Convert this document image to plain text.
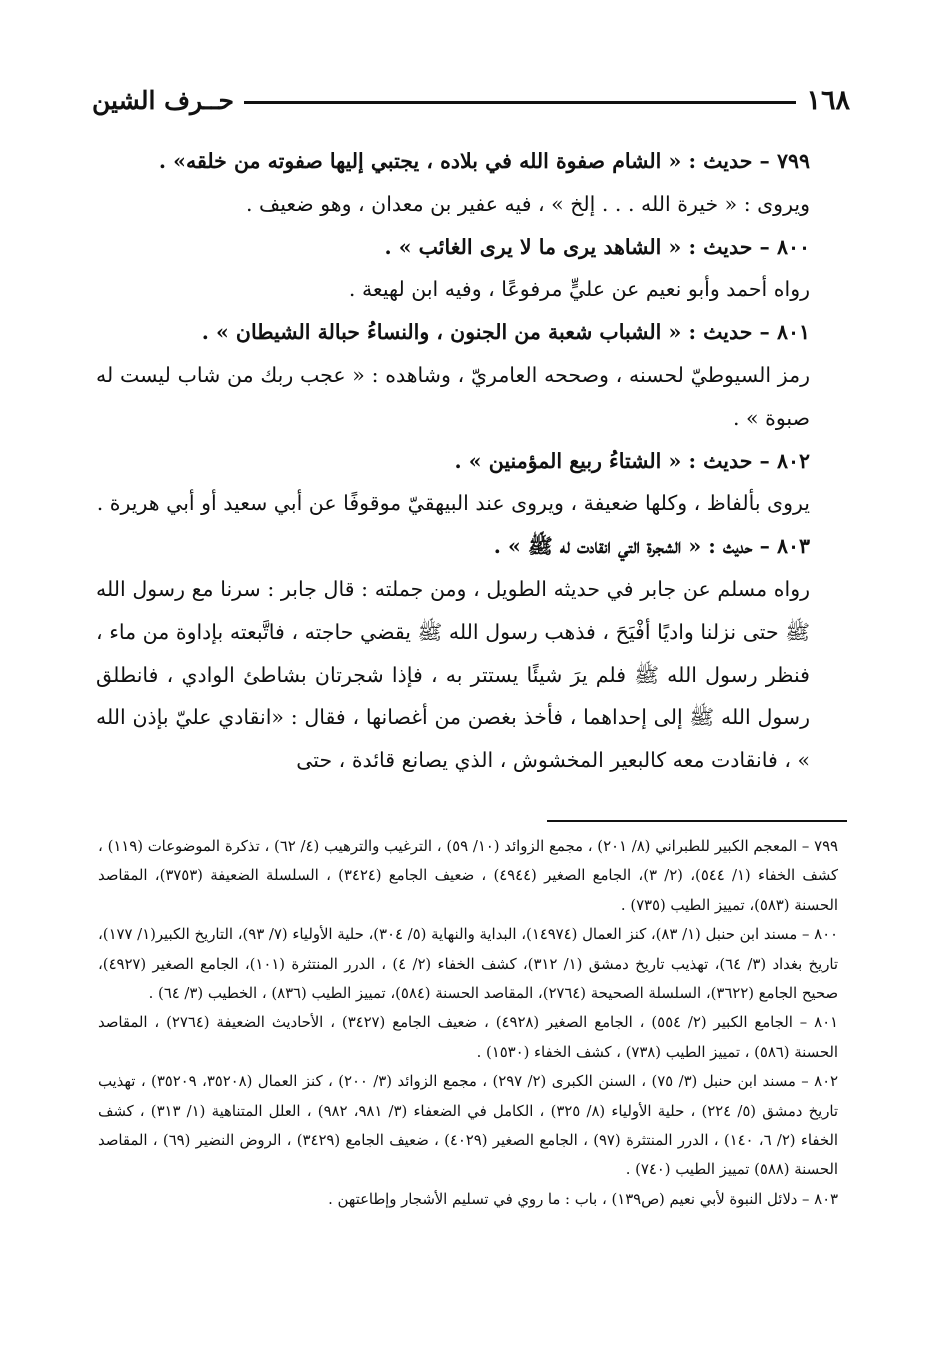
١٦٨
حــرف الشين

٧٩٩ – حديث : « الشام صفوة الله في بلاده ، يجتبي إليها صفوته من خلقه» .

ويروى : « خيرة الله . . . إلخ » ، فيه عفير بن معدان ، وهو ضعيف .

٨٠٠ – حديث : « الشاهد يرى ما لا يرى الغائب » .

رواه أحمد وأبو نعيم عن عليٍّ مرفوعًا ، وفيه ابن لهيعة .

٨٠١ – حديث : « الشباب شعبة من الجنون ، والنساءُ حبالة الشيطان » .

رمز السيوطيّ لحسنه ، وصححه العامريّ ، وشاهده : « عجب ربك من شاب ليست له صبوة » .

٨٠٢ – حديث : « الشتاءُ ربيع المؤمنين » .

يروى بألفاظ ، وكلها ضعيفة ، ويروى عند البيهقيّ موقوفًا عن أبي سعيد أو أبي هريرة .

٨٠٣ – حديث : « الشجرة التي انقادت له ﷺ » .

رواه مسلم عن جابر في حديثه الطويل ، ومن جملته : قال جابر : سرنا مع رسول الله ﷺ حتى نزلنا واديًا أفْيَحَ ، فذهب رسول الله ﷺ يقضي حاجته ، فاتَّبعته بإداوة من ماء ، فنظر رسول الله ﷺ فلم يرَ شيئًا يستتر به ، فإذا شجرتان بشاطئ الوادي ، فانطلق رسول الله ﷺ إلى إحداهما ، فأخذ بغصن من أغصانها ، فقال : «انقادي عليّ بإذن الله » ، فانقادت معه كالبعير المخشوش ، الذي يصانع قائدة ، حتى

٧٩٩ – المعجم الكبير للطبراني (٨/ ٢٠١) ، مجمع الزوائد (١٠/ ٥٩) ، الترغيب والترهيب (٤/ ٦٢) ، تذكرة الموضوعات (١١٩) ، كشف الخفاء (١/ ٥٤٤)، (٢/ ٣)، الجامع الصغير (٤٩٤٤) ، ضعيف الجامع (٣٤٢٤) ، السلسلة الضعيفة (٣٧٥٣)، المقاصد الحسنة (٥٨٣)، تمييز الطيب (٧٣٥) .

٨٠٠ – مسند ابن حنبل (١/ ٨٣)، كنز العمال (١٤٩٧٤)، البداية والنهاية (٥/ ٣٠٤)، حلية الأولياء (٧/ ٩٣)، التاريخ الكبير(١/ ١٧٧)، تاريخ بغداد (٣/ ٦٤)، تهذيب تاريخ دمشق (١/ ٣١٢)، كشف الخفاء (٢/ ٤) ، الدرر المنتثرة (١٠١)، الجامع الصغير (٤٩٢٧)، صحيح الجامع (٣٦٢٢)، السلسلة الصحيحة (٢٧٦٤)، المقاصد الحسنة (٥٨٤)، تمييز الطيب (٨٣٦) ، الخطيب (٣/ ٦٤) .

٨٠١ – الجامع الكبير (٢/ ٥٥٤) ، الجامع الصغير (٤٩٢٨) ، ضعيف الجامع (٣٤٢٧) ، الأحاديث الضعيفة (٢٧٦٤) ، المقاصد الحسنة (٥٨٦) ، تمييز الطيب (٧٣٨) ، كشف الخفاء (١٥٣٠) .

٨٠٢ – مسند ابن حنبل (٣/ ٧٥) ، السنن الكبرى (٢/ ٢٩٧) ، مجمع الزوائد (٣/ ٢٠٠) ، كنز العمال (٣٥٢٠٨، ٣٥٢٠٩) ، تهذيب تاريخ دمشق (٥/ ٢٢٤) ، حلية الأولياء (٨/ ٣٢٥) ، الكامل في الضعفاء (٣/ ٩٨١، ٩٨٢) ، العلل المتناهية (١/ ٣١٣) ، كشف الخفاء (٢/ ٦، ١٤٠) ، الدرر المنتثرة (٩٧) ، الجامع الصغير (٤٠٢٩) ، ضعيف الجامع (٣٤٢٩) ، الروض النضير (٦٩) ، المقاصد الحسنة (٥٨٨) تمييز الطيب (٧٤٠) .

٨٠٣ – دلائل النبوة لأبي نعيم (ص١٣٩) ، باب : ما روي في تسليم الأشجار وإطاعتهن .
